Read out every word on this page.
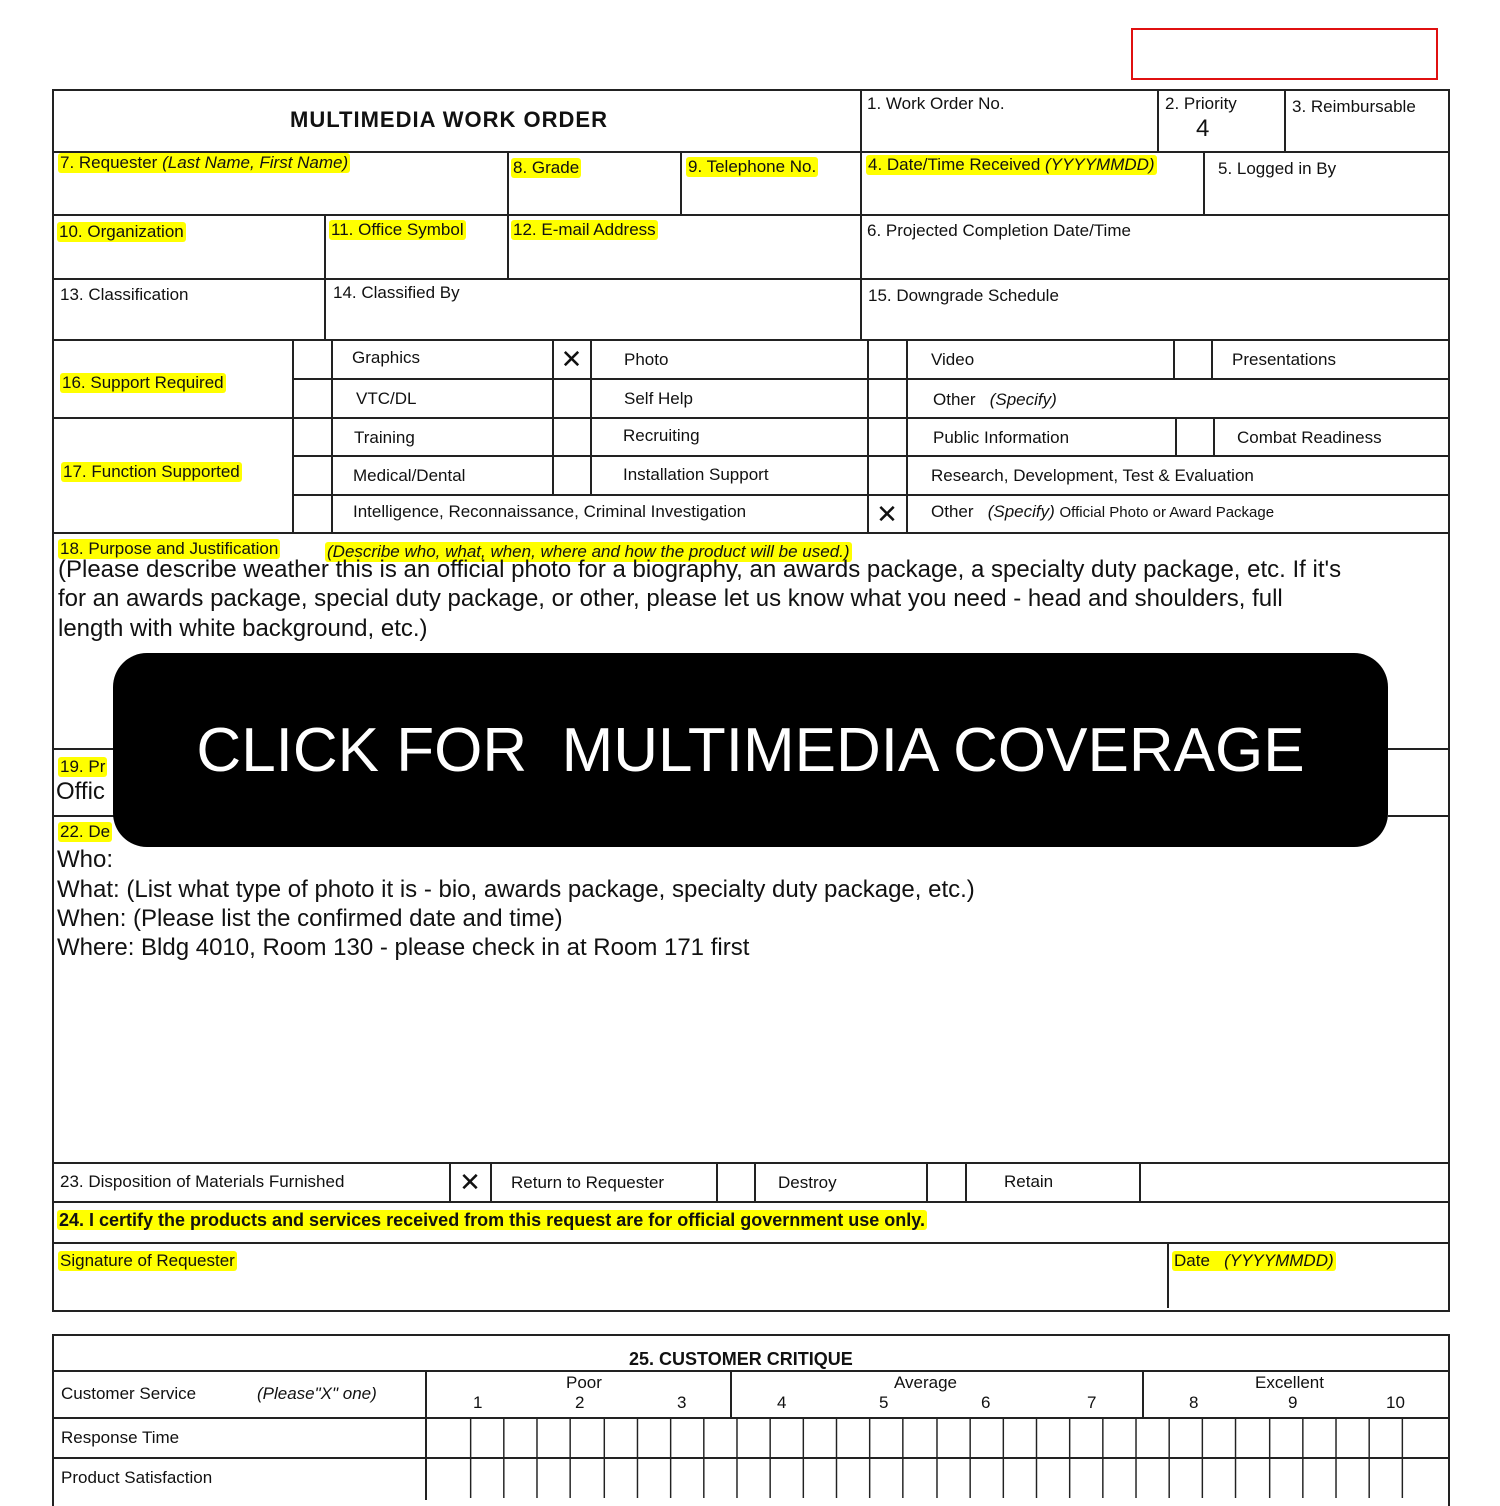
MULTIMEDIA WORK ORDER
1. Work Order No.	2. Priority
4
3. Reimbursable
7. Requester (Last Name, First Name)	8. Grade	9. Telephone No.	4. Date/Time Received (YYYYMMDD)	5. Logged in By
10. Organization	11. Office Symbol	12. E-mail Address	6. Projected Completion Date/Time
13. Classification	14. Classified By	15. Downgrade Schedule
16. Support Required
Graphics	✕	Photo	Video	Presentations
VTC/DL	Self Help	Other (Specify)
17. Function Supported
Training	Recruiting	Public Information	Combat Readiness
Medical/Dental	Installation Support	Research, Development, Test & Evaluation
Intelligence, Reconnaissance, Criminal Investigation	✕	Other (Specify) Official Photo or Award Package
18. Purpose and Justification	(Describe who, what, when, where and how the product will be used.)
(Please describe weather this is an official photo for a biography, an awards package, a specialty duty package, etc. If it's
for an awards package, special duty package, or other, please let us know what you need - head and shoulders, full
length with white background, etc.)
19. Pr
Offic
22. De
Who:
What: (List what type of photo it is - bio, awards package, specialty duty package, etc.)
When: (Please list the confirmed date and time)
Where: Bldg 4010, Room 130 - please check in at Room 171 first
CLICK FOR  MULTIMEDIA COVERAGE
23. Disposition of Materials Furnished	✕	Return to Requester	Destroy	Retain
24. I certify the products and services received from this request are for official government use only.
Signature of Requester	Date (YYYYMMDD)
25. CUSTOMER CRITIQUE
Customer Service	(Please"X" one)
Poor	Average	Excellent
1	2	3	4	5	6	7	8	9	10
Response Time
Product Satisfaction
